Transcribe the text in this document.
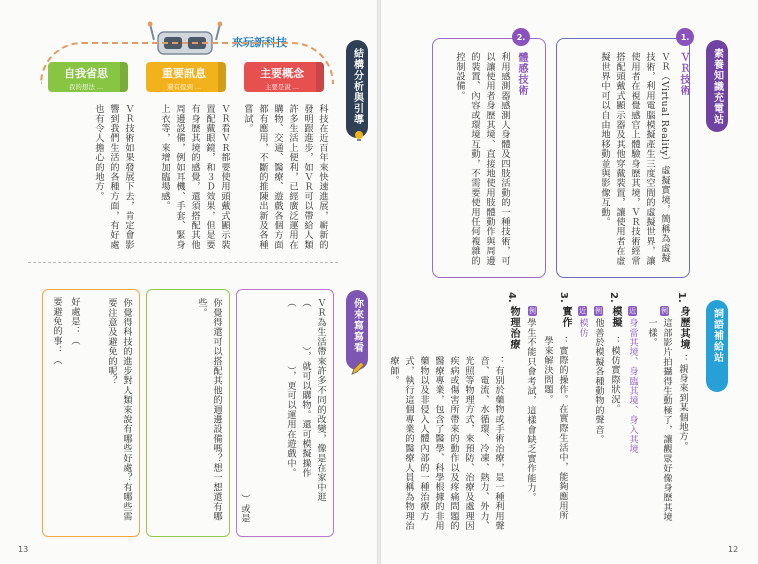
來玩新科技
自我省思
我的想法 ...
重要訊息
還有提到 ...
主要概念
主要是說 ...
科技在近百年來快速進展，嶄新的發明跟進步，如ＶＲ可以帶給人類許多生活上便利，已經廣泛運用在購物、交通、醫療、遊戲各個方面都有應用，不斷的推陳出新及各種嘗試。
ＶＲ看ＶＲ都要使用頭戴式顯示裝置配戴眼鏡，和３Ｄ效果，但是要有身歷其境的感覺，還須搭配其他周邊設備，例如耳機、手套、緊身上衣等，來增加臨場感。
ＶＲ技術如果發展下去，肯定會影響到我們生活的各種方面，有好處也有令人擔心的地方。
結構分析與引導
你來寫寫看
ＶＲ為生活帶來許多不同的改變，像是在家中逛（　　　　），就可以購物。還可模擬操作（　　　　　　），更可以運用在遊戲中。
）或是
你覺得還可以搭配其他的週邊設備嗎？想一想還有哪些。
你覺得科技的進步對人類來說有哪些好處？有哪些需要注意及避免的呢？
好處是：（
要避免的事：（
13
素養知識充電站
1.
ＶＲ技術
ＶＲ（Virtual Reality）虛擬實境，簡稱為虛擬技術，利用電腦模擬產生三度空間的虛擬世界，讓使用者在視覺感官上體驗身歷其境，ＶＲ技術經常搭配頭戴式顯示器及其他穿戴裝置，讓使用者在虛擬世界中可以自由地移動並與影像互動。
2.
體感技術
利用感測器感測人身體及四肢活動的一種技術，可以讓使用者身歷其境、直接地使用肢體動作與周邊的裝置、內容或環境互動，不需要使用任何複雜的控制設備。
詞語補給站
1.
身歷其境
：親身來到某個地方。
例
這部影片拍攝得生動極了，讓觀眾好像身歷其境一樣。
近
身當其境、身臨其境、身入其境
2.
模擬
：模仿實際狀況。
例
他善於模擬各種動物的聲音。
近
模仿
3.
實作
：實際的操作。在實際生活中，能夠應用所學來解決問題。
例
學生不能只會考試，這樣會缺乏實作能力。
4.
物理治療
：有別於藥物或手術治療，是一種利用聲音、電流、水循環、冷凍、熱力、外力、光照等物理方式，來預防、治療及處理因疾病或傷害所帶來的動作以及疼痛問題的醫療專業，包含了醫學、科學根據的非用藥物以及非侵入人體內部的一種治療方式，執行這個專業的醫療人員稱為物理治療師。
12
